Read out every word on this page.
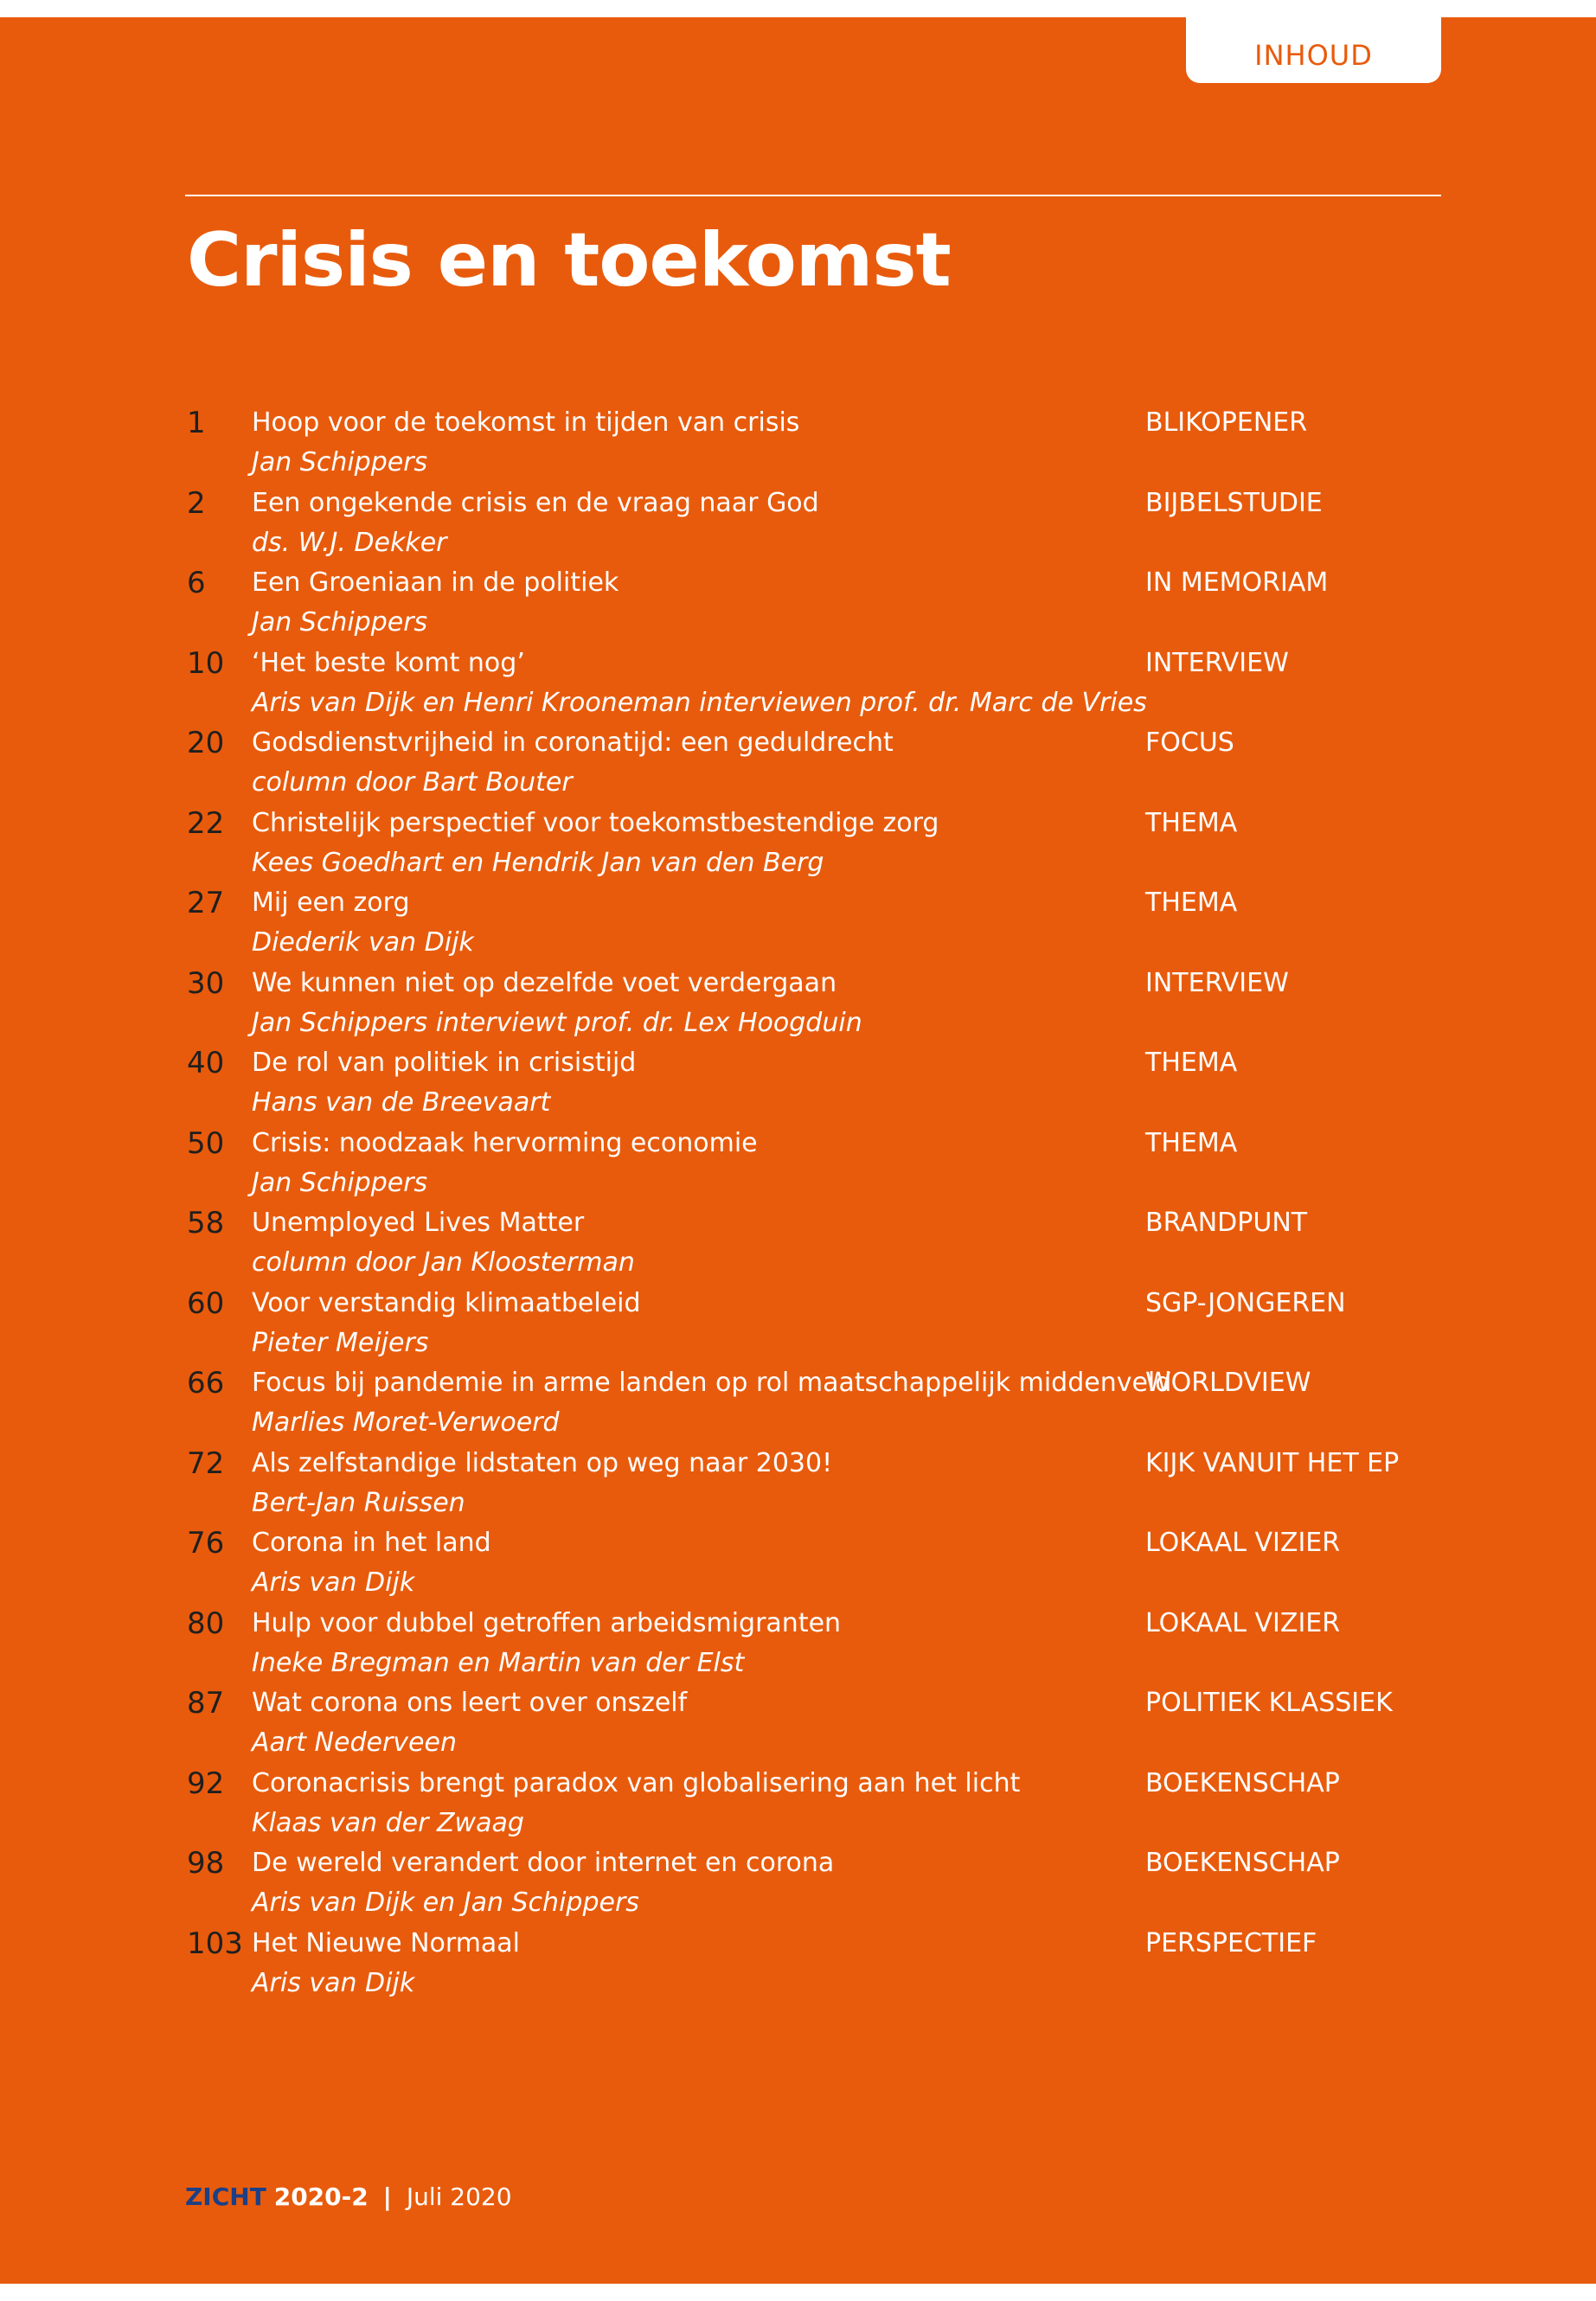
INHOUD
Crisis en toekomst
1 Hoop voor de toekomst in tijden van crisis
Jan Schippers
BLIKOPENER
2 Een ongekende crisis en de vraag naar God
ds. W.J. Dekker
BIJBELSTUDIE
6 Een Groeniaan in de politiek
Jan Schippers
IN MEMORIAM
10 ‘Het beste komt nog’
Aris van Dijk en Henri Krooneman interviewen prof. dr. Marc de Vries
INTERVIEW
20 Godsdienstvrijheid in coronatijd: een geduldrecht
column door Bart Bouter
FOCUS
22 Christelijk perspectief voor toekomstbestendige zorg
Kees Goedhart en Hendrik Jan van den Berg
THEMA
27 Mij een zorg
Diederik van Dijk
THEMA
30 We kunnen niet op dezelfde voet verdergaan
Jan Schippers interviewt prof. dr. Lex Hoogduin
INTERVIEW
40 De rol van politiek in crisistijd
Hans van de Breevaart
THEMA
50 Crisis: noodzaak hervorming economie
Jan Schippers
THEMA
58 Unemployed Lives Matter
column door Jan Kloosterman
BRANDPUNT
60 Voor verstandig klimaatbeleid
Pieter Meijers
SGP-JONGEREN
66 Focus bij pandemie in arme landen op rol maatschappelijk middenveld
Marlies Moret-Verwoerd
WORLDVIEW
72 Als zelfstandige lidstaten op weg naar 2030!
Bert-Jan Ruissen
KIJK VANUIT HET EP
76 Corona in het land
Aris van Dijk
LOKAAL VIZIER
80 Hulp voor dubbel getroffen arbeidsmigranten
Ineke Bregman en Martin van der Elst
LOKAAL VIZIER
87 Wat corona ons leert over onszelf
Aart Nederveen
POLITIEK KLASSIEK
92 Coronacrisis brengt paradox van globalisering aan het licht
Klaas van der Zwaag
BOEKENSCHAP
98 De wereld verandert door internet en corona
Aris van Dijk en Jan Schippers
BOEKENSCHAP
103 Het Nieuwe Normaal
Aris van Dijk
PERSPECTIEF
ZICHT 2020-2 | Juli 2020
